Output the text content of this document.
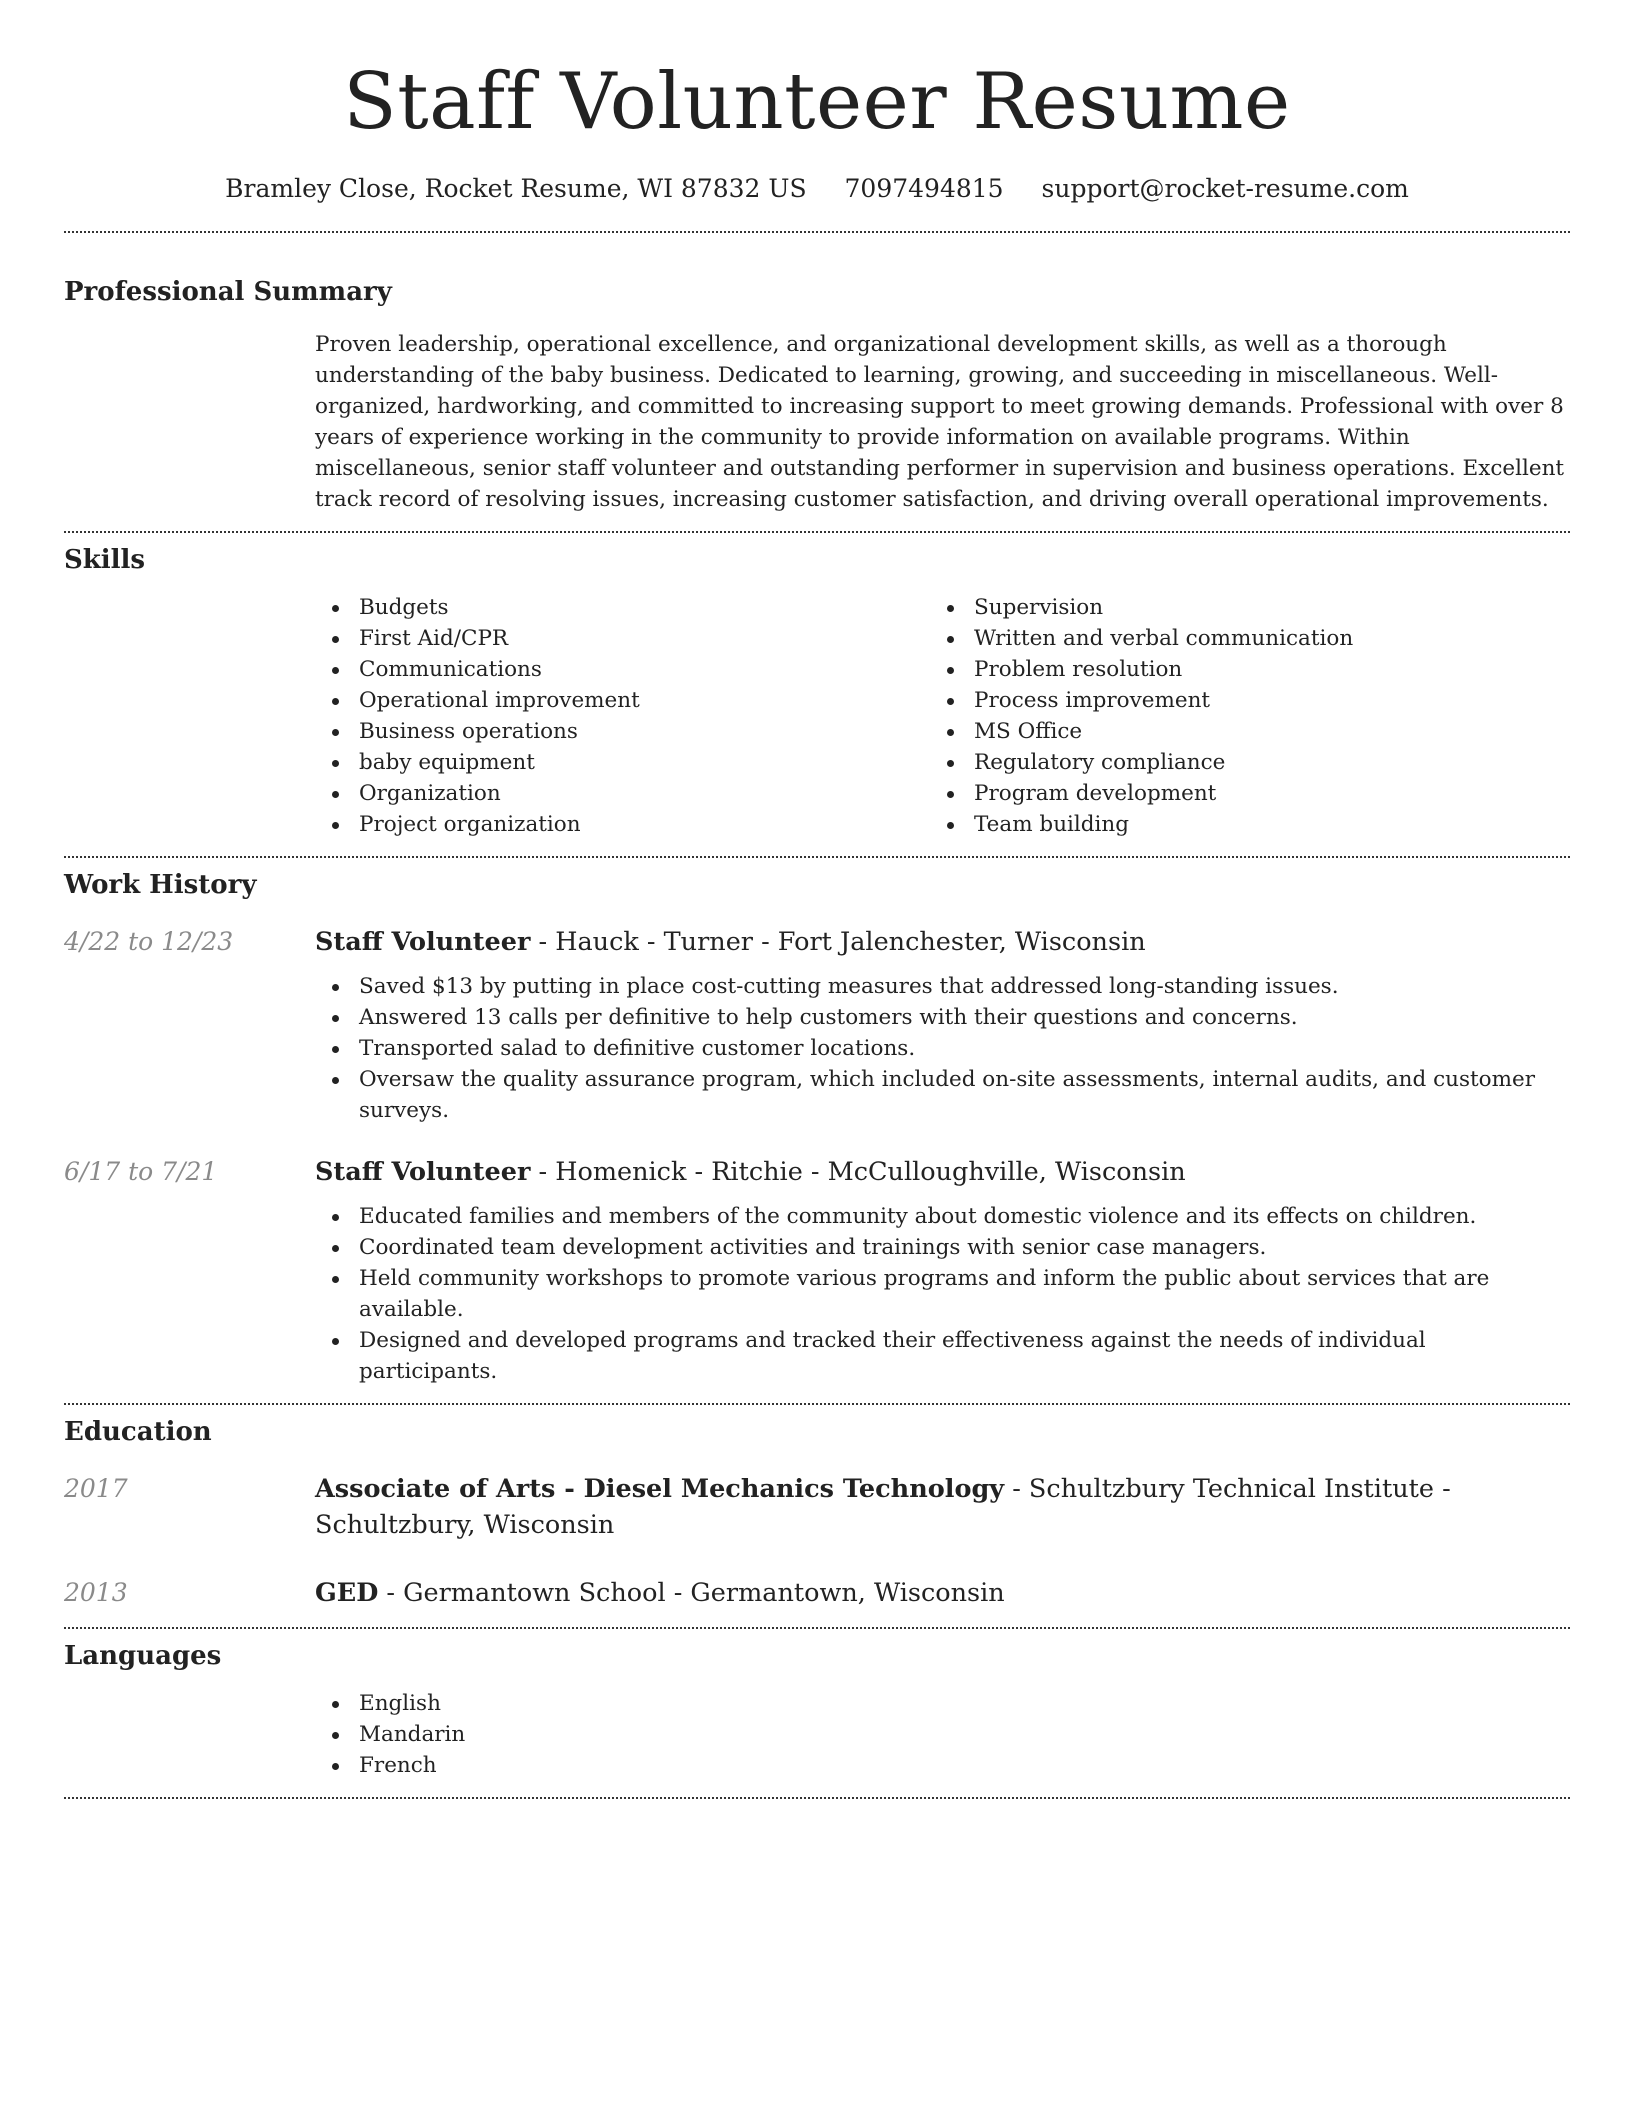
Staff Volunteer Resume
Bramley Close, Rocket Resume, WI 87832 US 7097494815 support@rocket-resume.com
Professional Summary

Proven leadership, operational excellence, and organizational development skills, as well as a thorough understanding of the baby business. Dedicated to learning, growing, and succeeding in miscellaneous. Well-organized, hardworking, and committed to increasing support to meet growing demands. Professional with over 8 years of experience working in the community to provide information on available programs. Within miscellaneous, senior staff volunteer and outstanding performer in supervision and business operations. Excellent track record of resolving issues, increasing customer satisfaction, and driving overall operational improvements.

Skills
Budgets
First Aid/CPR
Communications
Operational improvement
Business operations
baby equipment
Organization
Project organization
Supervision
Written and verbal communication
Problem resolution
Process improvement
MS Office
Regulatory compliance
Program development
Team building
Work History
4/22 to 12/23	Staff Volunteer - Hauck - Turner - Fort Jalenchester, Wisconsin
Saved $13 by putting in place cost-cutting measures that addressed long-standing issues.
Answered 13 calls per definitive to help customers with their questions and concerns.
Transported salad to definitive customer locations.
Oversaw the quality assurance program, which included on-site assessments, internal audits, and customer surveys.
6/17 to 7/21	Staff Volunteer - Homenick - Ritchie - McCulloughville, Wisconsin
Educated families and members of the community about domestic violence and its effects on children.
Coordinated team development activities and trainings with senior case managers.
Held community workshops to promote various programs and inform the public about services that are available.
Designed and developed programs and tracked their effectiveness against the needs of individual participants.
Education
2017	Associate of Arts - Diesel Mechanics Technology - Schultzbury Technical Institute - Schultzbury, Wisconsin
2013	GED - Germantown School - Germantown, Wisconsin
Languages
English
Mandarin
French
